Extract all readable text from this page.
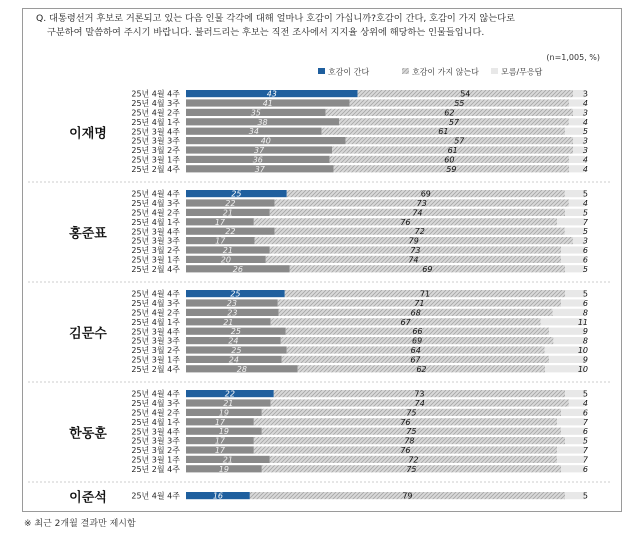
Q. 대통령선거 후보로 거론되고 있는 다음 인물 각각에 대해 얼마나 호감이 가십니까?호감이 간다, 호감이 가지 않는다로
구분하여 말씀하여 주시기 바랍니다. 불러드리는 후보는 직전 조사에서 지지율 상위에 해당하는 인물들입니다.

(n=1,005, %)
호감이 간다	호감이 가지 않는다	모름/무응답
이재명
25년 4월 4주	43	54	3
25년 4월 3주	41	55	4
25년 4월 2주	35	62	3
25년 4월 1주	38	57	4
25년 3월 4주	34	61	5
25년 3월 3주	40	57	3
25년 3월 2주	37	61	3
25년 3월 1주	36	60	4
25년 2월 4주	37	59	4
홍준표
25년 4월 4주	25	69	5
25년 4월 3주	22	73	4
25년 4월 2주	21	74	5
25년 4월 1주	17	76	7
25년 3월 4주	22	72	5
25년 3월 3주	17	79	3
25년 3월 2주	21	73	6
25년 3월 1주	20	74	6
25년 2월 4주	26	69	5
김문수
25년 4월 4주	25	71	5
25년 4월 3주	23	71	6
25년 4월 2주	23	68	8
25년 4월 1주	21	67	11
25년 3월 4주	25	66	9
25년 3월 3주	24	69	8
25년 3월 2주	25	64	10
25년 3월 1주	24	67	9
25년 2월 4주	28	62	10
한동훈
25년 4월 4주	22	73	5
25년 4월 3주	21	74	4
25년 4월 2주	19	75	6
25년 4월 1주	17	76	7
25년 3월 4주	19	75	6
25년 3월 3주	17	78	5
25년 3월 2주	17	76	7
25년 3월 1주	21	72	7
25년 2월 4주	19	75	6
이준석	25년 4월 4주	16	79	5
※ 최근 2개월 결과만 제시함
